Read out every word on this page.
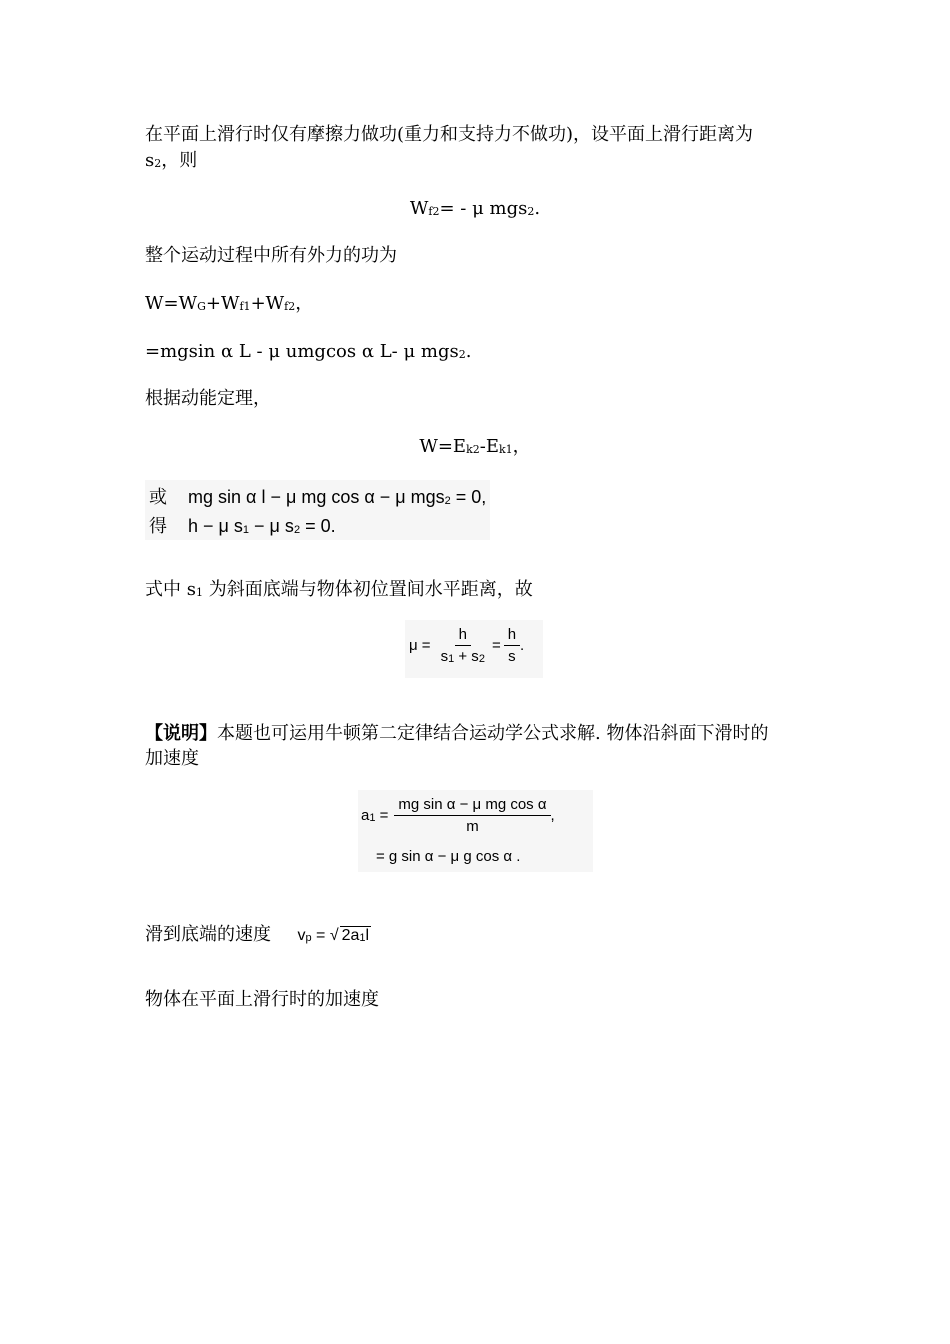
在平面上滑行时仅有摩擦力做功(重力和支持力不做功)，设平面上滑行距离为
$s_2$，则
$W_{f2}= - \mu$ mgs$_2$.
整个运动过程中所有外力的功为
$W=W_G+W_{f1}+W_{f2}$，
=mgsin α L - μ umgcos α L- μ mgs$_2$.
根据动能定理，
$W=E_{k2}-E_{k1}$，
或 mg sin α l − μ mg cos α − μ mgs$_2$ = 0,
得 h − μ $s_1 - \mu$ $s_2 = 0$.
式中 $s_1$ 为斜面底端与物体初位置间水平距离，故
$\mu = \frac{h}{s_1 + s_2} = \frac{h}{s}$ .
【说明】本题也可运用牛顿第二定律结合运动学公式求解. 物体沿斜面下滑时的
加速度
$a_1 = \frac{\text{mg sin α − μ mg cos α}}{m}$ ,
= g sin α − μ g cos α .
滑到底端的速度 $v_p$ = √ $2a_1l$
物体在平面上滑行时的加速度
